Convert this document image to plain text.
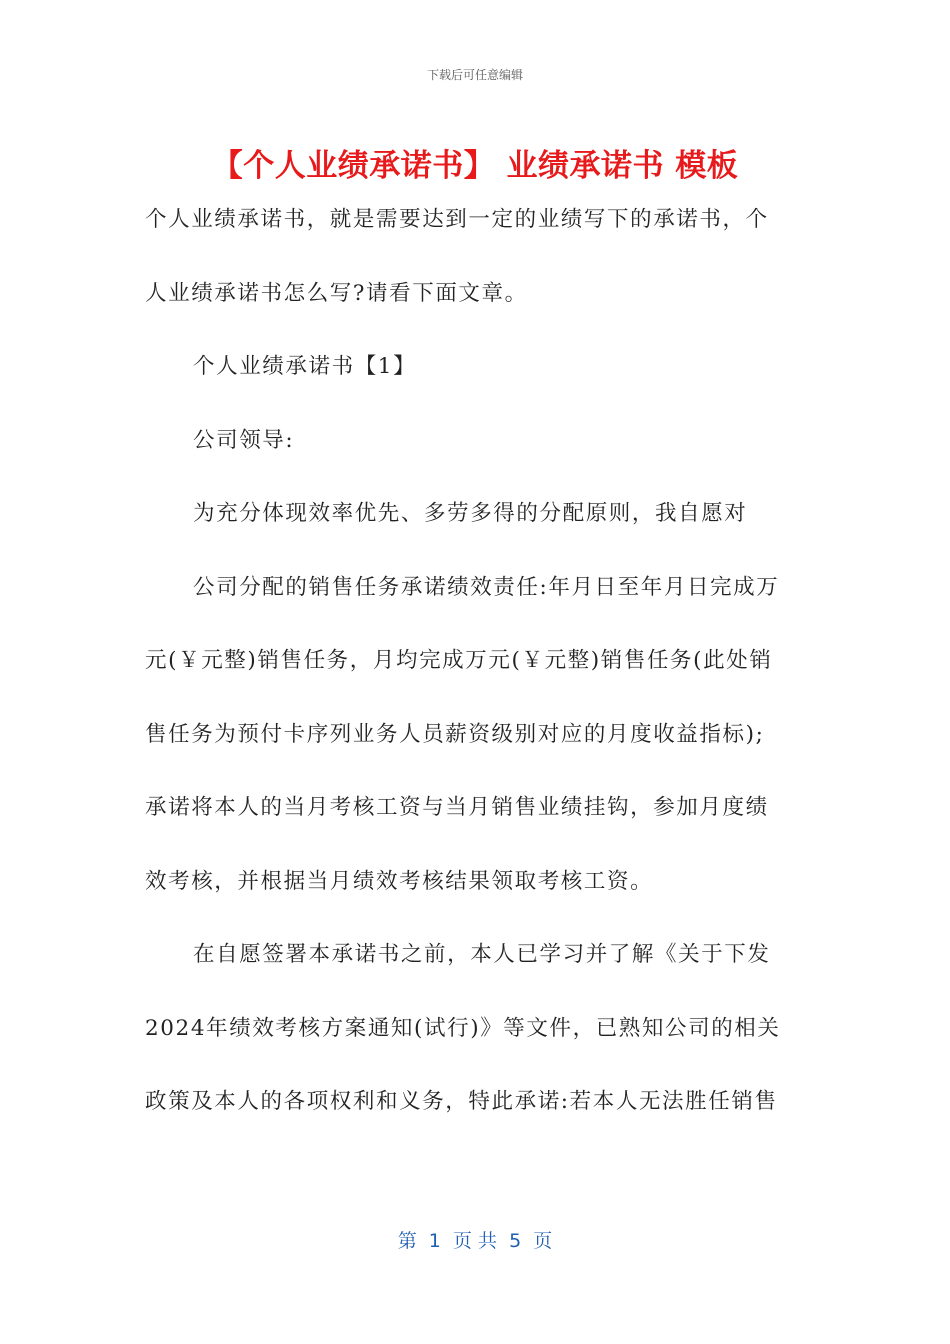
下载后可任意编辑
【个人业绩承诺书】 业绩承诺书 模板
个人业绩承诺书，就是需要达到一定的业绩写下的承诺书，个
人业绩承诺书怎么写?请看下面文章。
个人业绩承诺书【1】
公司领导:
为充分体现效率优先、多劳多得的分配原则，我自愿对
公司分配的销售任务承诺绩效责任:年月日至年月日完成万
元(￥元整)销售任务，月均完成万元(￥元整)销售任务(此处销
售任务为预付卡序列业务人员薪资级别对应的月度收益指标);
承诺将本人的当月考核工资与当月销售业绩挂钩，参加月度绩
效考核，并根据当月绩效考核结果领取考核工资。
在自愿签署本承诺书之前，本人已学习并了解《关于下发
2024年绩效考核方案通知(试行)》等文件，已熟知公司的相关
政策及本人的各项权利和义务，特此承诺:若本人无法胜任销售
第  1  页 共  5  页
